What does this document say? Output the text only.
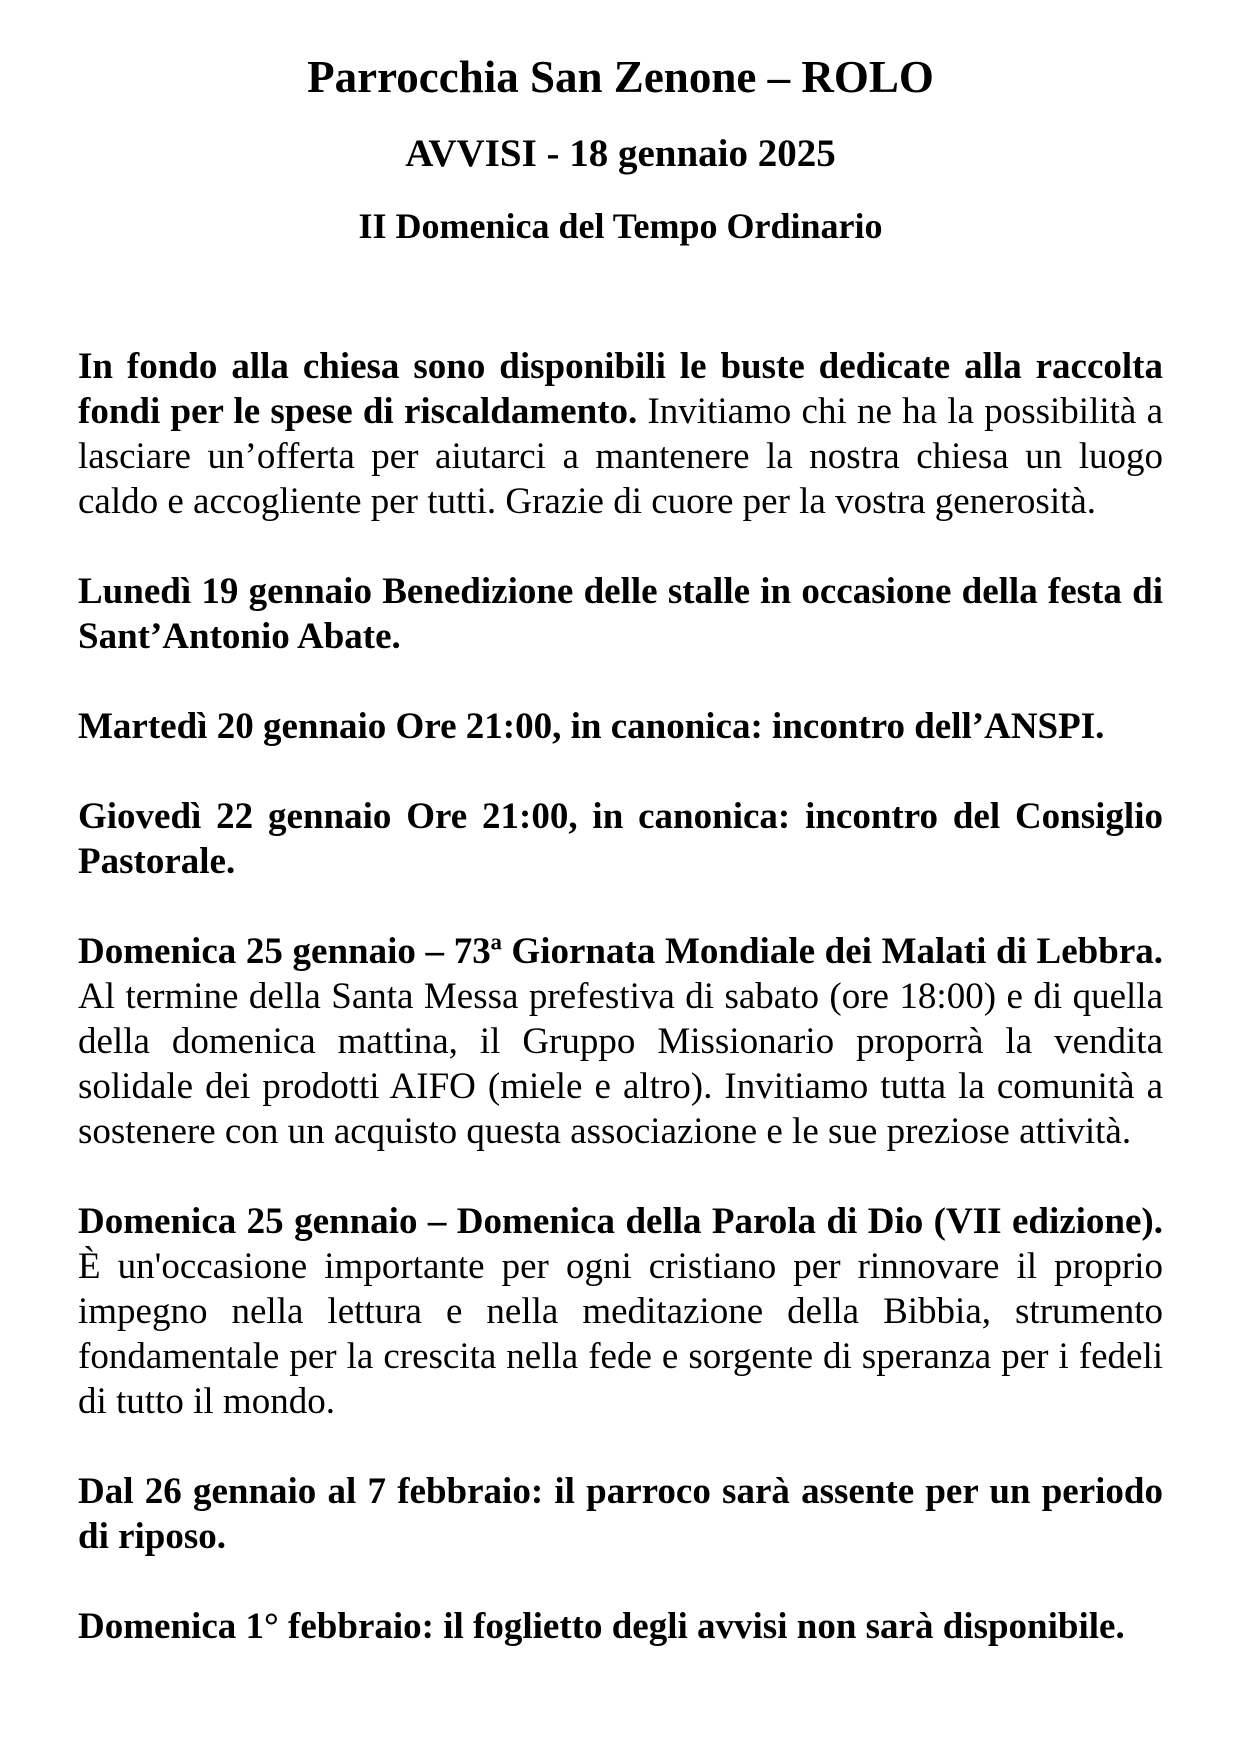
Parrocchia San Zenone – ROLO
AVVISI - 18 gennaio 2025
II Domenica del Tempo Ordinario

In fondo alla chiesa sono disponibili le buste dedicate alla raccolta fondi per le spese di riscaldamento. Invitiamo chi ne ha la possibilità a lasciare un’offerta per aiutarci a mantenere la nostra chiesa un luogo caldo e accogliente per tutti. Grazie di cuore per la vostra generosità.

Lunedì 19 gennaio Benedizione delle stalle in occasione della festa di Sant’Antonio Abate.

Martedì 20 gennaio Ore 21:00, in canonica: incontro dell’ANSPI.

Giovedì 22 gennaio Ore 21:00, in canonica: incontro del Consiglio Pastorale.

Domenica 25 gennaio – 73ª Giornata Mondiale dei Malati di Lebbra. Al termine della Santa Messa prefestiva di sabato (ore 18:00) e di quella della domenica mattina, il Gruppo Missionario proporrà la vendita solidale dei prodotti AIFO (miele e altro). Invitiamo tutta la comunità a sostenere con un acquisto questa associazione e le sue preziose attività.

Domenica 25 gennaio – Domenica della Parola di Dio (VII edizione). È un'occasione importante per ogni cristiano per rinnovare il proprio impegno nella lettura e nella meditazione della Bibbia, strumento fondamentale per la crescita nella fede e sorgente di speranza per i fedeli di tutto il mondo.

Dal 26 gennaio al 7 febbraio: il parroco sarà assente per un periodo di riposo.

Domenica 1° febbraio: il foglietto degli avvisi non sarà disponibile.
